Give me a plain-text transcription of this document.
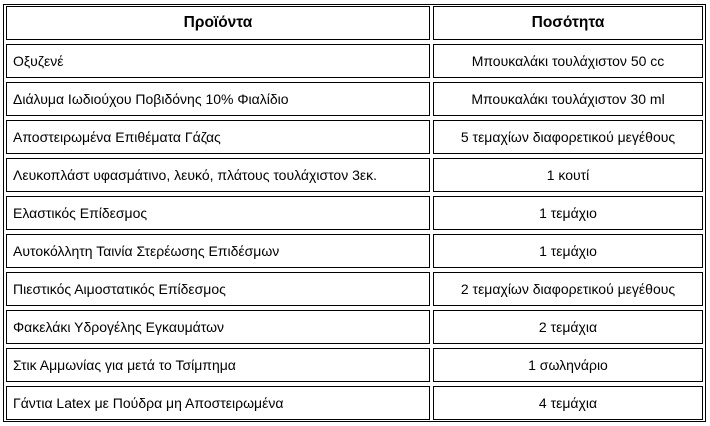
Προϊόντα	Ποσότητα
Οξυζενέ	Μπουκαλάκι τουλάχιστον 50 cc
Διάλυμα Ιωδιούχου Ποβιδόνης 10% Φιαλίδιο	Μπουκαλάκι τουλάχιστον 30 ml
Αποστειρωμένα Επιθέματα Γάζας	5 τεμαχίων διαφορετικού μεγέθους
Λευκοπλάστ υφασμάτινο, λευκό, πλάτους τουλάχιστον 3εκ.	1 κουτί
Ελαστικός Επίδεσμος	1 τεμάχιο
Αυτοκόλλητη Ταινία Στερέωσης Επιδέσμων	1 τεμάχιο
Πιεστικός Αιμοστατικός Επίδεσμος	2 τεμαχίων διαφορετικού μεγέθους
Φακελάκι Υδρογέλης Εγκαυμάτων	2 τεμάχια
Στικ Αμμωνίας για μετά το Τσίμπημα	1 σωληνάριο
Γάντια Latex με Πούδρα μη Αποστειρωμένα	4 τεμάχια
